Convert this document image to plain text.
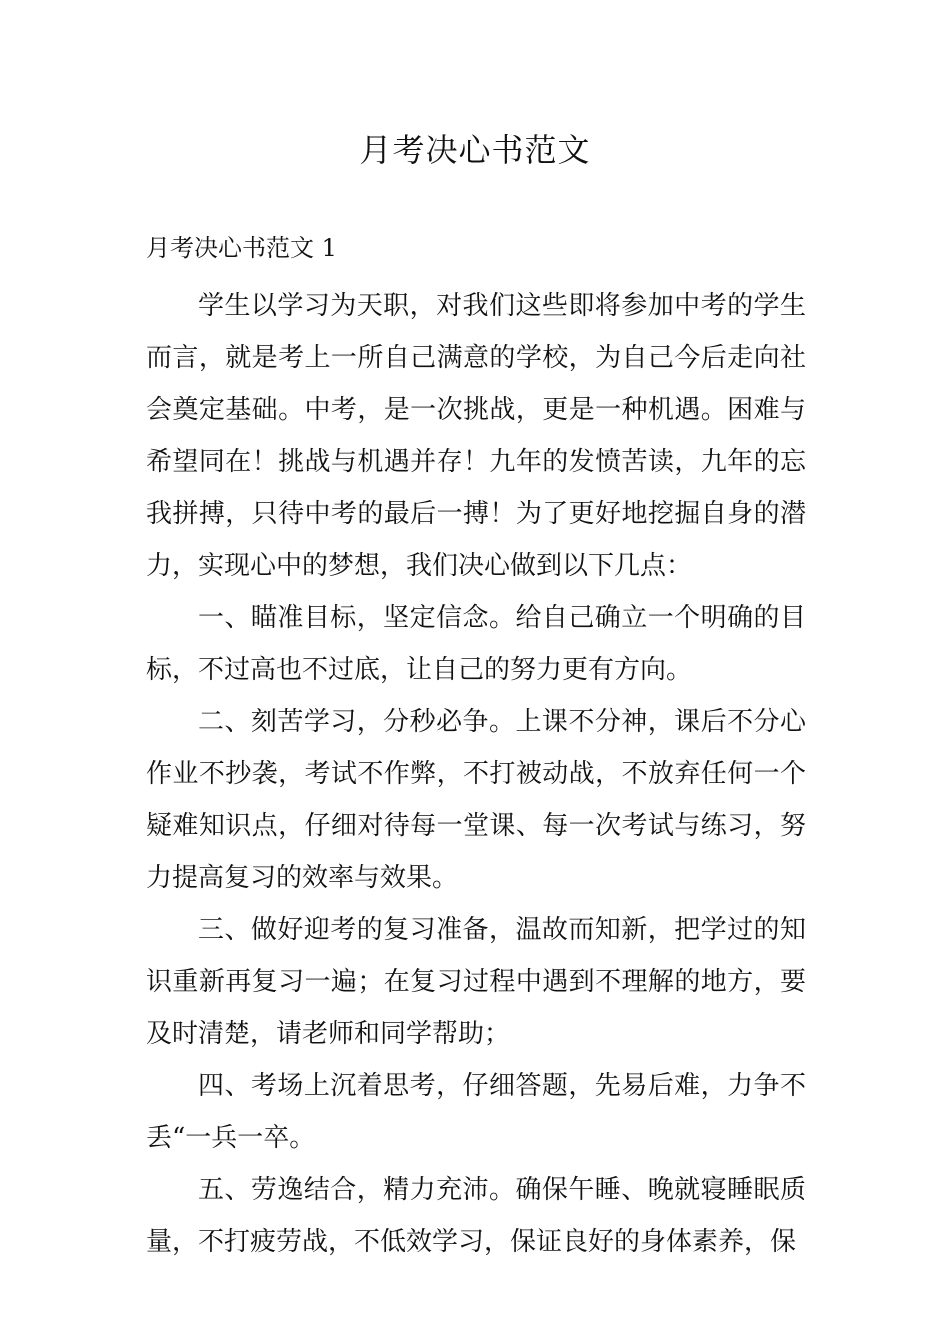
月考决心书范文
月考决心书范文 1

学生以学习为天职，对我们这些即将参加中考的学生而言，就是考上一所自己满意的学校，为自己今后走向社会奠定基础。中考，是一次挑战，更是一种机遇。困难与希望同在！挑战与机遇并存！九年的发愤苦读，九年的忘我拼搏，只待中考的最后一搏！为了更好地挖掘自身的潜力，实现心中的梦想，我们决心做到以下几点：

一、瞄准目标，坚定信念。给自己确立一个明确的目标，不过高也不过底，让自己的努力更有方向。

二、刻苦学习，分秒必争。上课不分神，课后不分心作业不抄袭，考试不作弊，不打被动战，不放弃任何一个疑难知识点，仔细对待每一堂课、每一次考试与练习，努力提高复习的效率与效果。

三、做好迎考的复习准备，温故而知新，把学过的知识重新再复习一遍；在复习过程中遇到不理解的地方，要及时清楚，请老师和同学帮助；

四、考场上沉着思考，仔细答题，先易后难，力争不丢“一兵一卒。

五、劳逸结合，精力充沛。确保午睡、晚就寝睡眠质量，不打疲劳战，不低效学习，保证良好的身体素养，保
